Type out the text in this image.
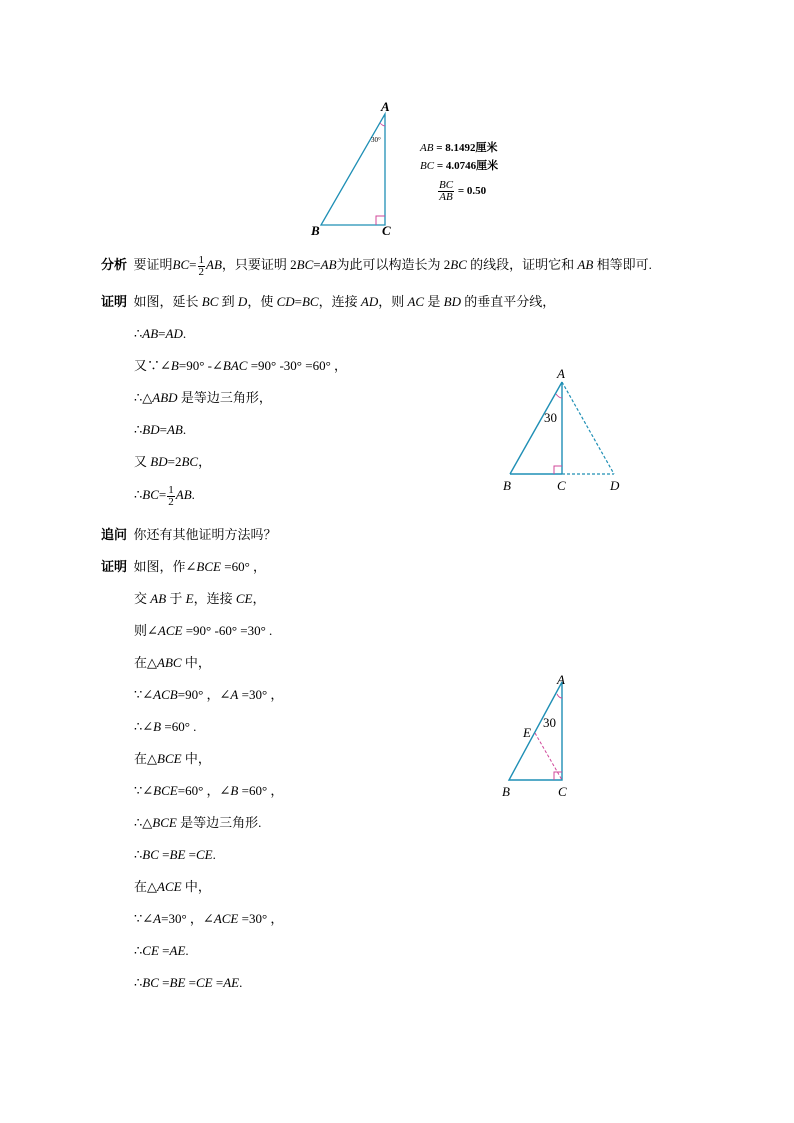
A
B	C
30°
AB = 8.1492厘米
BC = 4.0746厘米
$\frac{BC}{AB} = 0.50$
分析 要证明$BC= \frac{1}{2}$ AB，只要证明 2BC=AB为此可以构造长为 2BC 的线段，证明它和 AB 相等即可.
证明 如图，延长 BC 到 D，使 CD=BC，连接 AD，则 AC 是 BD 的垂直平分线，
∴AB=AD.
又∵∠B=90° -∠BAC =90° -30° =60° ，
∴△ABD 是等边三角形，
∴BD=AB.
又 BD=2BC，
∴BC= $\frac{1}{2}$ AB.
A
B	C	D
30
追问 你还有其他证明方法吗？
证明 如图，作∠BCE =60° ，
交 AB 于 E，连接 CE，
则∠ACE =90° -60° =30° .
在△ABC 中，
∵∠ACB=90° ，∠A =30° ，
∴∠B =60° .
在△BCE 中，
∵∠BCE=60° ，∠B =60° ，
∴△BCE 是等边三角形.
∴BC =BE =CE.
在△ACE 中，
∵∠A=30° ，∠ACE =30° ，
∴CE =AE.
∴BC =BE =CE =AE.
A
E
B	C
30
